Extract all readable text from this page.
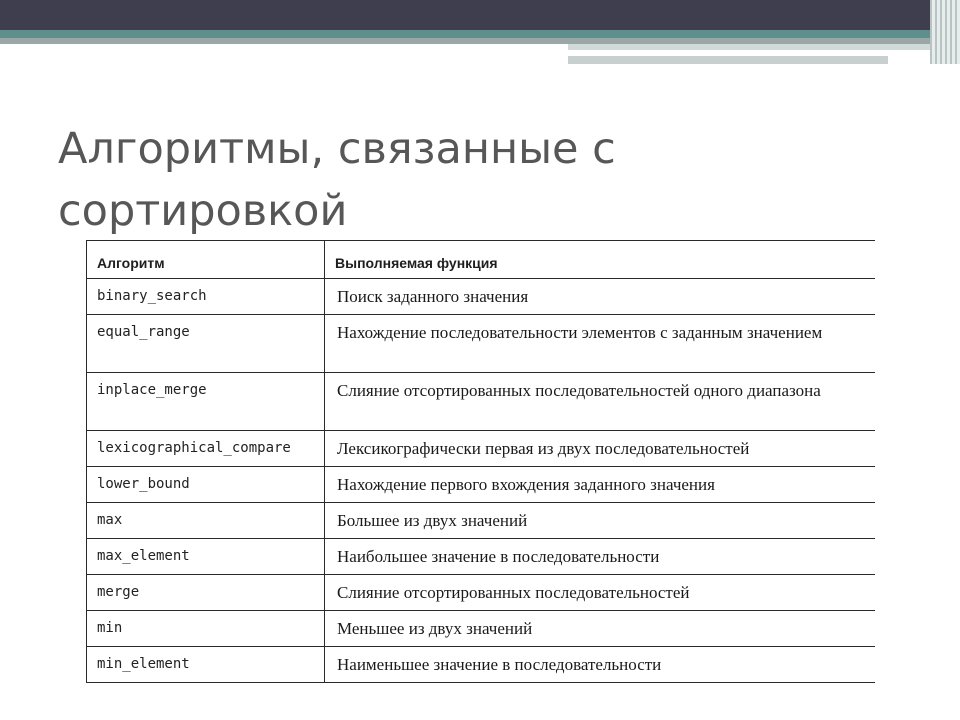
Алгоритмы, связанные с сортировкой
Алгоритм	Выполняемая функция
binary_search	Поиск заданного значения
equal_range	Нахождение последовательности элементов с заданным значением
inplace_merge	Слияние отсортированных последовательностей одного диапазона
lexicographical_compare	Лексикографически первая из двух последовательностей
lower_bound	Нахождение первого вхождения заданного значения
max	Большее из двух значений
max_element	Наибольшее значение в последовательности
merge	Слияние отсортированных последовательностей
min	Меньшее из двух значений
min_element	Наименьшее значение в последовательности
